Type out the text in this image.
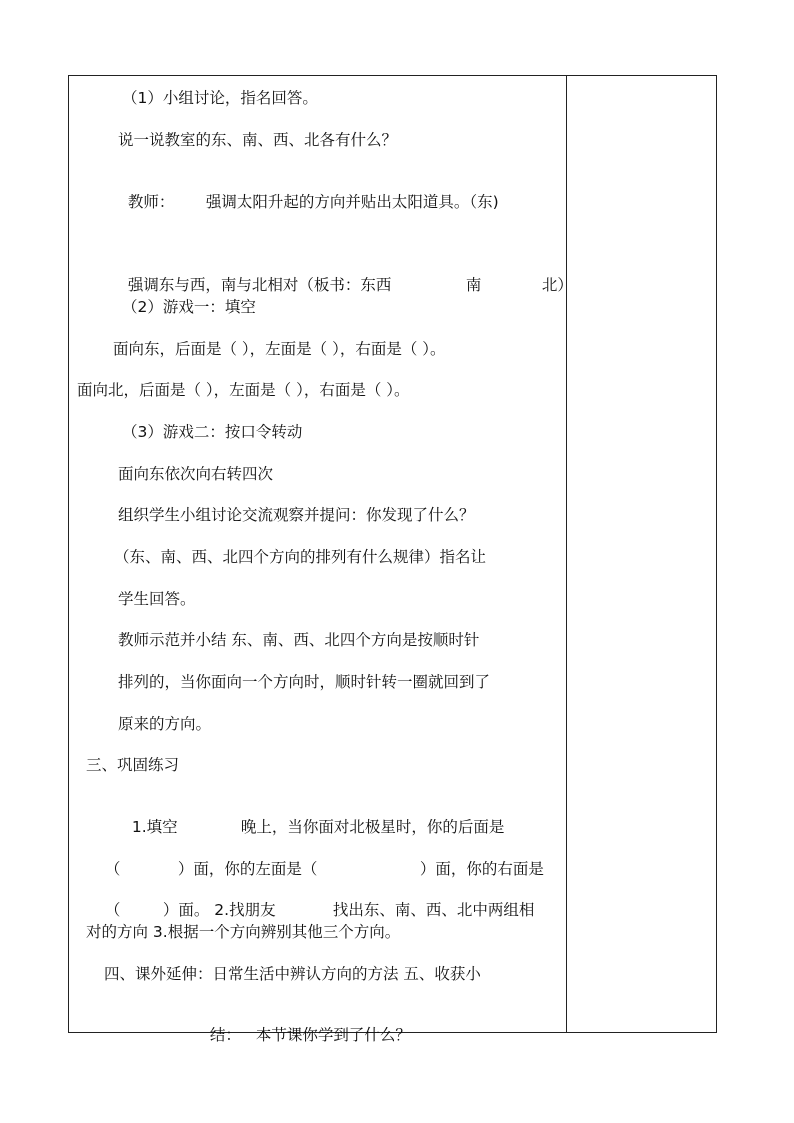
（1）小组讨论，指名回答。
说一说教室的东、南、西、北各有什么？

教师：	强调太阳升起的方向并贴出太阳道具。（东)

强调东与西，南与北相对（板书：东西	南	北）

（2）游戏一：填空
面向东，后面是（ ），左面是（ ），右面是（ ）。
面向北，后面是（ ），左面是（ ），右面是（ ）。
（3）游戏二：按口令转动
面向东依次向右转四次
组织学生小组讨论交流观察并提问：你发现了什么？
（东、南、西、北四个方向的排列有什么规律）指名让
学生回答。
教师示范并小结 东、南、西、北四个方向是按顺时针
排列的，当你面向一个方向时，顺时针转一圈就回到了
原来的方向。
三、巩固练习

1.填空	晚上，当你面对北极星时，你的后面是

（	）面，你的左面是（	）面，你的右面是

（	）面。 2.找朋友	找出东、南、西、北中两组相

对的方向 3.根据一个方向辨别其他三个方向。
四、课外延伸：日常生活中辨认方向的方法 五、收获小

结： 本节课你学到了什么？
